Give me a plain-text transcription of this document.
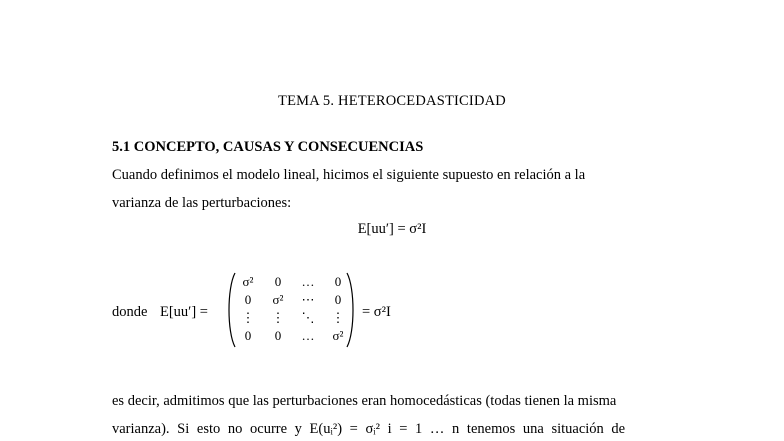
TEMA 5. HETEROCEDASTICIDAD
5.1 CONCEPTO, CAUSAS Y CONSECUENCIAS
Cuando definimos el modelo lineal, hicimos el siguiente supuesto en relación a la
varianza de las perturbaciones:
E[uu′] = σ²I
donde E[uu′] =
σ²	0	…	0
0	σ²	⋯	0
⋮	⋮	⋱	⋮
0	0	…	σ²
= σ²I
es decir, admitimos que las perturbaciones eran homocedásticas (todas tienen la misma
varianza). Si esto no ocurre y E(uᵢ²) = σᵢ² i = 1 … n tenemos una situación de
